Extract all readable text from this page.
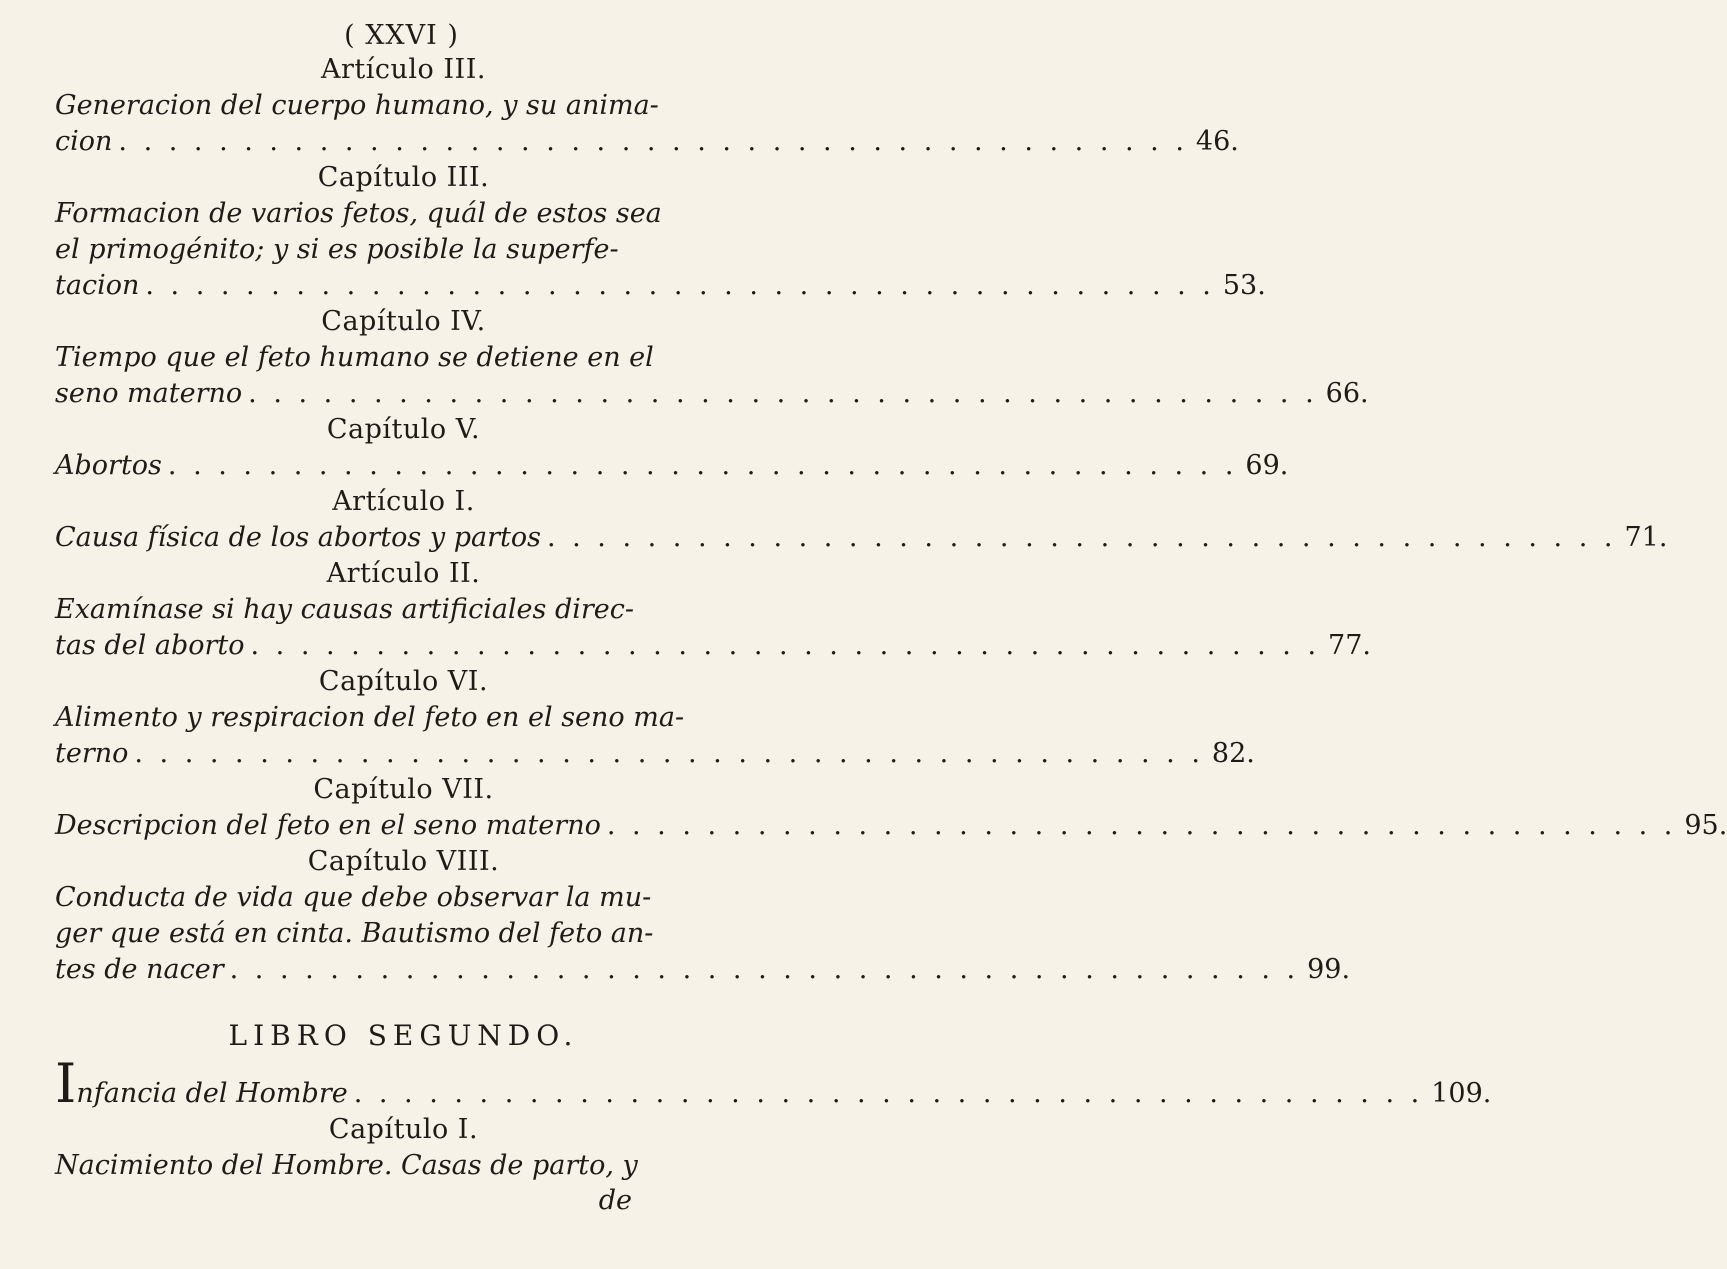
( XXVI )
Artículo III.
Generacion del cuerpo humano, y su anima-
cion . . . . . . . . . . . . . . . . . . . . . . . . . . . . . . . . . . . . . . . . . . . 46.
Capítulo III.
Formacion de varios fetos, quál de estos sea
el primogénito; y si es posible la superfe-
tacion . . . . . . . . . . . . . . . . . . . . . . . . . . . . . . . . . . . . . . . . . . . 53.
Capítulo IV.
Tiempo que el feto humano se detiene en el
seno materno . . . . . . . . . . . . . . . . . . . . . . . . . . . . . . . . . . . . . . . . . . . 66.
Capítulo V.
Abortos . . . . . . . . . . . . . . . . . . . . . . . . . . . . . . . . . . . . . . . . . . . 69.
Artículo I.
Causa física de los abortos y partos . . . . . . . . . . . . . . . . . . . . . . . . . . . . . . . . . . . . . . . . . . . 71.
Artículo II.
Examínase si hay causas artificiales direc-
tas del aborto . . . . . . . . . . . . . . . . . . . . . . . . . . . . . . . . . . . . . . . . . . . 77.
Capítulo VI.
Alimento y respiracion del feto en el seno ma-
terno . . . . . . . . . . . . . . . . . . . . . . . . . . . . . . . . . . . . . . . . . . . 82.
Capítulo VII.
Descripcion del feto en el seno materno . . . . . . . . . . . . . . . . . . . . . . . . . . . . . . . . . . . . . . . . . . . 95.
Capítulo VIII.
Conducta de vida que debe observar la mu-
ger que está en cinta. Bautismo del feto an-
tes de nacer . . . . . . . . . . . . . . . . . . . . . . . . . . . . . . . . . . . . . . . . . . . 99.
LIBRO SEGUNDO.
Infancia del Hombre . . . . . . . . . . . . . . . . . . . . . . . . . . . . . . . . . . . . . . . . . . . 109.
Capítulo I.
Nacimiento del Hombre. Casas de parto, y
de
